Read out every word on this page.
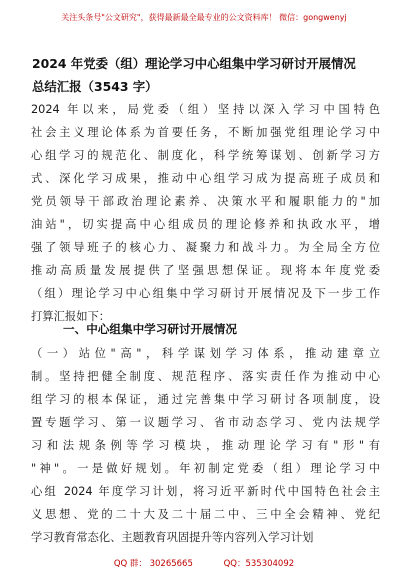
关注头条号"公文研究"，获得最新最全最专业的公文资料库！ 微信：gongwenyj
2024 年党委（组）理论学习中心组集中学习研讨开展情况
总结汇报（3543 字）
2024 年以来，局党委（组）坚持以深入学习中国特色
社会主义理论体系为首要任务，不断加强党组理论学习中
心组学习的规范化、制度化，科学统筹谋划、创新学习方
式、深化学习成果，推动中心组学习成为提高班子成员和
党员领导干部政治理论素养、决策水平和履职能力的"加
油站"，切实提高中心组成员的理论修养和执政水平，增
强了领导班子的核心力、凝聚力和战斗力。为全局全方位
推动高质量发展提供了坚强思想保证。现将本年度党委
（组）理论学习中心组集中学习研讨开展情况及下一步工作
打算汇报如下：
一、中心组集中学习研讨开展情况
（一）站位"高"，科学谋划学习体系，推动建章立
制。坚持把健全制度、规范程序、落实责任作为推动中心
组学习的根本保证，通过完善集中学习研讨各项制度，设
置专题学习、第一议题学习、省市动态学习、党内法规学
习和法规条例等学习模块，推动理论学习有"形"有
"神"。一是做好规划。年初制定党委（组）理论学习中
心组 2024 年度学习计划，将习近平新时代中国特色社会主
义思想、党的二十大及二十届二中、三中全会精神、党纪
学习教育常态化、主题教育巩固提升等内容列入学习计划
QQ 群： 30265665	QQ：535304092
